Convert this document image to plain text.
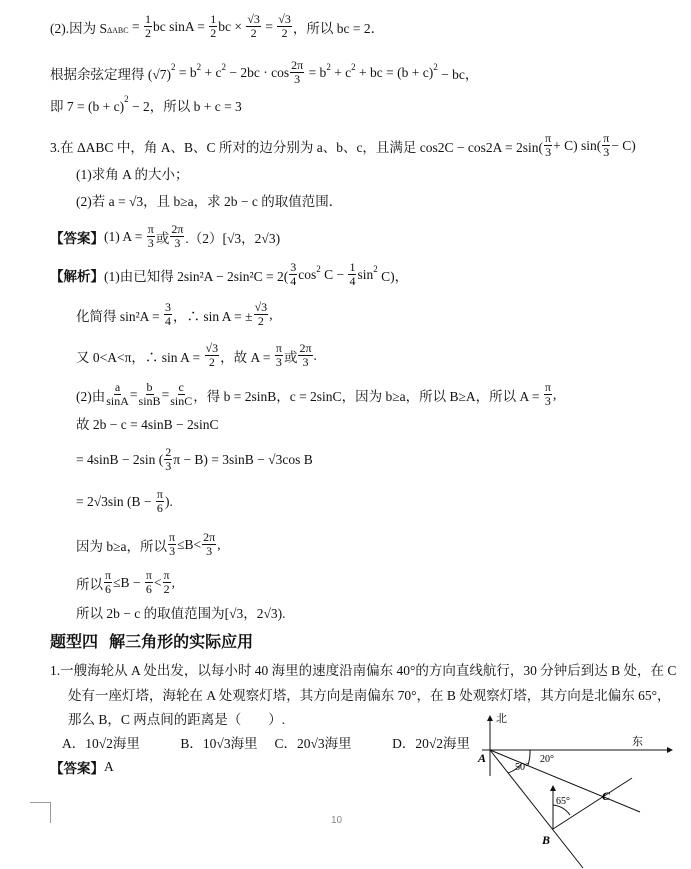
(2).因为 S $\Delta ABC = \frac{1}{2}$ bc $\sin A = \frac{1}{2}$ bc × $\frac{√3}{2} = \frac{√3}{2}$ ，所以 bc = 2．
根据余弦定理得 (√7) 2 = b 2 + c $2 - 2bc \cdot \cos \frac{2\pi}{3} = b$ 2 + c 2 + bc = (b + c) 2 − bc，
即 7 = (b + c) 2 − 2，所以 b + c = 3
3.在 ΔABC 中，角 A、B、C 所对的边分别为 a、b、c，且满足 $\cos 2C - \cos 2A = 2\sin( \frac{\pi}{3} + C)$ $\sin( \frac{\pi}{3} - C)$
(1)求角 A 的大小；
(2)若 a = √3，且 b≥a，求 2b − c 的取值范围．
【答案】 (1) $A = \frac{\pi}{3}$ 或 $\frac{2\pi}{3} .(2)[√3$，2√3)
【解析】 (1)由已知得 $2\sin^2A - 2\sin^2C = 2( \frac{3}{4}$ cos 2 $C - \frac{1}{4}$ sin 2 C)，
化简得 $\sin^2A = \frac{3}{4}$ ，∴ sin A = ± $\frac{√3}{2}$ ,
又 0<A<π，∴ $\sin A = \frac{√3}{2}$ ，故 $A = \frac{\pi}{3}$ 或 $\frac{2\pi}{3}$ .
(2)由 $\frac{a}{\sin A} = \frac{b}{\sin B} = \frac{c}{\sin C}$ ，得 b = 2sinB，c = 2sinC，因为 b≥a，所以 B≥A，所以 $A = \frac{\pi}{3}$ ,
故 2b − c = 4sinB − 2sinC
= 4sinB − 2sin ( $\frac{2}{3}$ π − B) = 3sinB − √3cos B
= 2√3sin ($B - \frac{\pi}{6}$ ).
因为 b≥a，所以 $\frac{\pi}{3} \le B< \frac{2\pi}{3}$ ,
所以 $\frac{\pi}{6} \le B - \frac{\pi}{6} < \frac{\pi}{2}$ ,
所以 2b − c 的取值范围为[√3，2√3).
题型四  解三角形的实际应用
1.一艘海轮从 A 处出发，以每小时 40 海里的速度沿南偏东 40°的方向直线航行，30 分钟后到达 B 处，在 C
处有一座灯塔，海轮在 A 处观察灯塔，其方向是南偏东 70°，在 B 处观察灯塔，其方向是北偏东 65°，
那么 B，C 两点间的距离是（　　）.
A．10√2海里　　　B．10√3海里　 C．20√3海里　　　D．20√2海里
【答案】 A
北
东
A
B
C
20°
50°
65°
10
